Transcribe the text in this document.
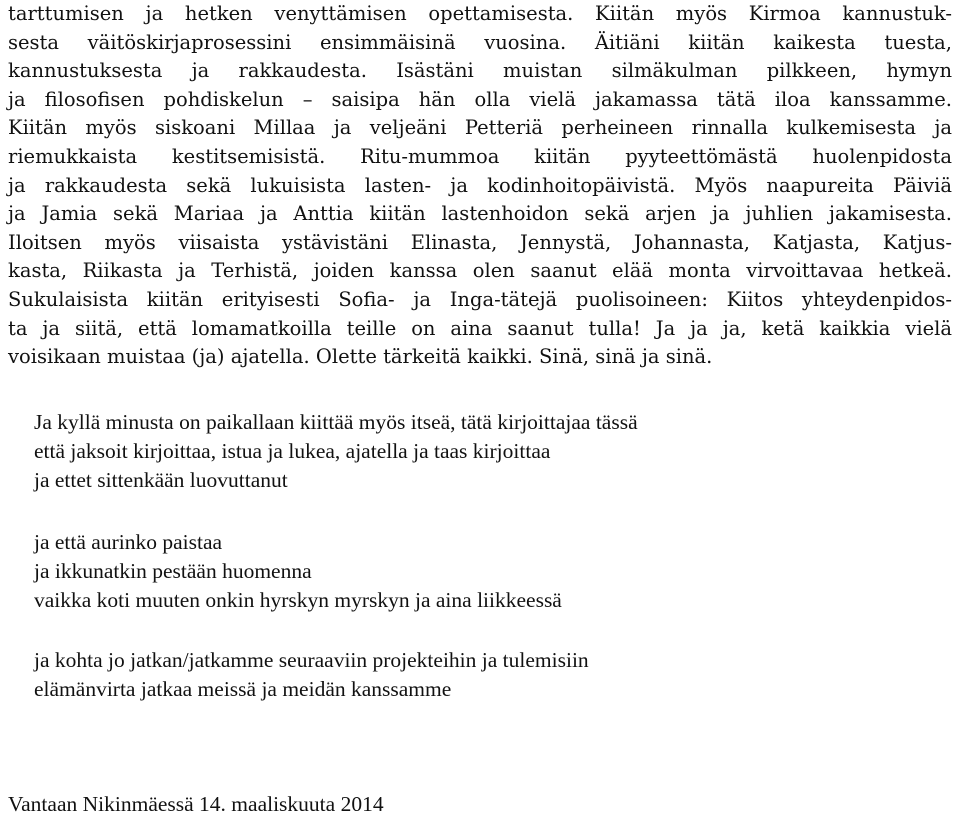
tarttumisen ja hetken venyttämisen opettamisesta. Kiitän myös Kirmoa kannustuk-
sesta väitöskirjaprosessini ensimmäisinä vuosina. Äitiäni kiitän kaikesta tuesta,
kannustuksesta ja rakkaudesta. Isästäni muistan silmäkulman pilkkeen, hymyn
ja filosofisen pohdiskelun – saisipa hän olla vielä jakamassa tätä iloa kanssamme.
Kiitän myös siskoani Millaa ja veljeäni Petteriä perheineen rinnalla kulkemisesta ja
riemukkaista kestitsemisistä. Ritu-mummoa kiitän pyyteettömästä huolenpidosta
ja rakkaudesta sekä lukuisista lasten- ja kodinhoitopäivistä. Myös naapureita Päiviä
ja Jamia sekä Mariaa ja Anttia kiitän lastenhoidon sekä arjen ja juhlien jakamisesta.
Iloitsen myös viisaista ystävistäni Elinasta, Jennystä, Johannasta, Katjasta, Katjus-
kasta, Riikasta ja Terhistä, joiden kanssa olen saanut elää monta virvoittavaa hetkeä.
Sukulaisista kiitän erityisesti Sofia- ja Inga-tätejä puolisoineen: Kiitos yhteydenpidos-
ta ja siitä, että lomamatkoilla teille on aina saanut tulla! Ja ja ja, ketä kaikkia vielä
voisikaan muistaa (ja) ajatella. Olette tärkeitä kaikki. Sinä, sinä ja sinä.
Ja kyllä minusta on paikallaan kiittää myös itseä, tätä kirjoittajaa tässä
että jaksoit kirjoittaa, istua ja lukea, ajatella ja taas kirjoittaa
ja ettet sittenkään luovuttanut
ja että aurinko paistaa
ja ikkunatkin pestään huomenna
vaikka koti muuten onkin hyrskyn myrskyn ja aina liikkeessä
ja kohta jo jatkan/jatkamme seuraaviin projekteihin ja tulemisiin
elämänvirta jatkaa meissä ja meidän kanssamme
Vantaan Nikinmäessä 14. maaliskuuta 2014
